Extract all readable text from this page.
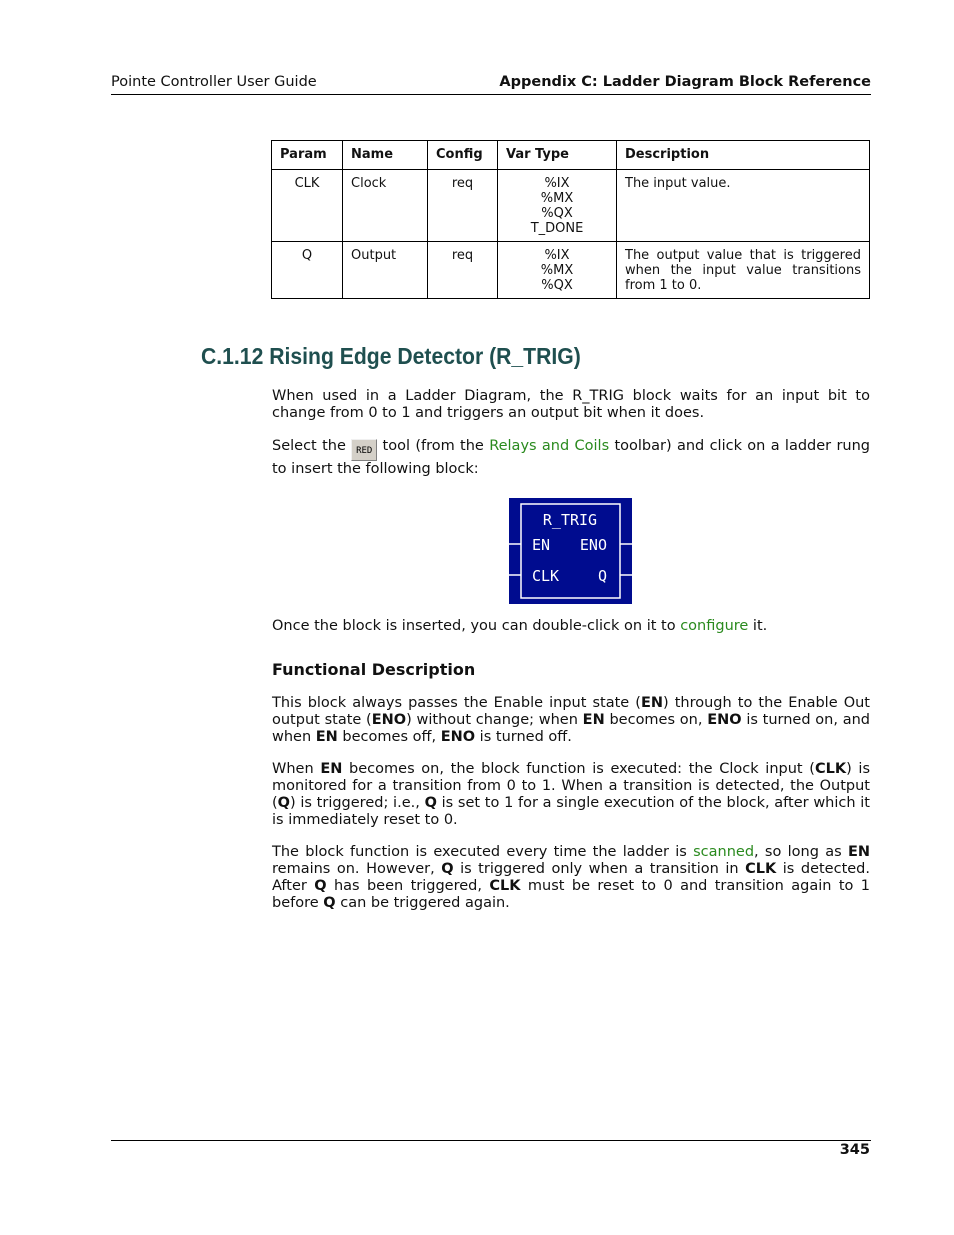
Pointe Controller User Guide	Appendix C: Ladder Diagram Block Reference
Param	Name	Config	Var Type	Description
CLK	Clock	req	%IX
%MX
%QX
T_DONE	The input value.
Q	Output	req	%IX
%MX
%QX	The output value that is triggered when the input value transitions from 1 to 0.
C.1.12 Rising Edge Detector (R_TRIG)

When used in a Ladder Diagram, the R_TRIG block waits for an input bit to change from 0 to 1 and triggers an output bit when it does.

Select the RED tool (from the Relays and Coils toolbar) and click on a ladder rung to insert the following block:

R_TRIG
EN ENO
CLK	Q

Once the block is inserted, you can double-click on it to configure it.

Functional Description

This block always passes the Enable input state (EN) through to the Enable Out output state (ENO) without change; when EN becomes on, ENO is turned on, and when EN becomes off, ENO is turned off.

When EN becomes on, the block function is executed: the Clock input (CLK) is monitored for a transition from 0 to 1. When a transition is detected, the Output (Q) is triggered; i.e., Q is set to 1 for a single execution of the block, after which it is immediately reset to 0.

The block function is executed every time the ladder is scanned, so long as EN remains on. However, Q is triggered only when a transition in CLK is detected. After Q has been triggered, CLK must be reset to 0 and transition again to 1 before Q can be triggered again.

345
